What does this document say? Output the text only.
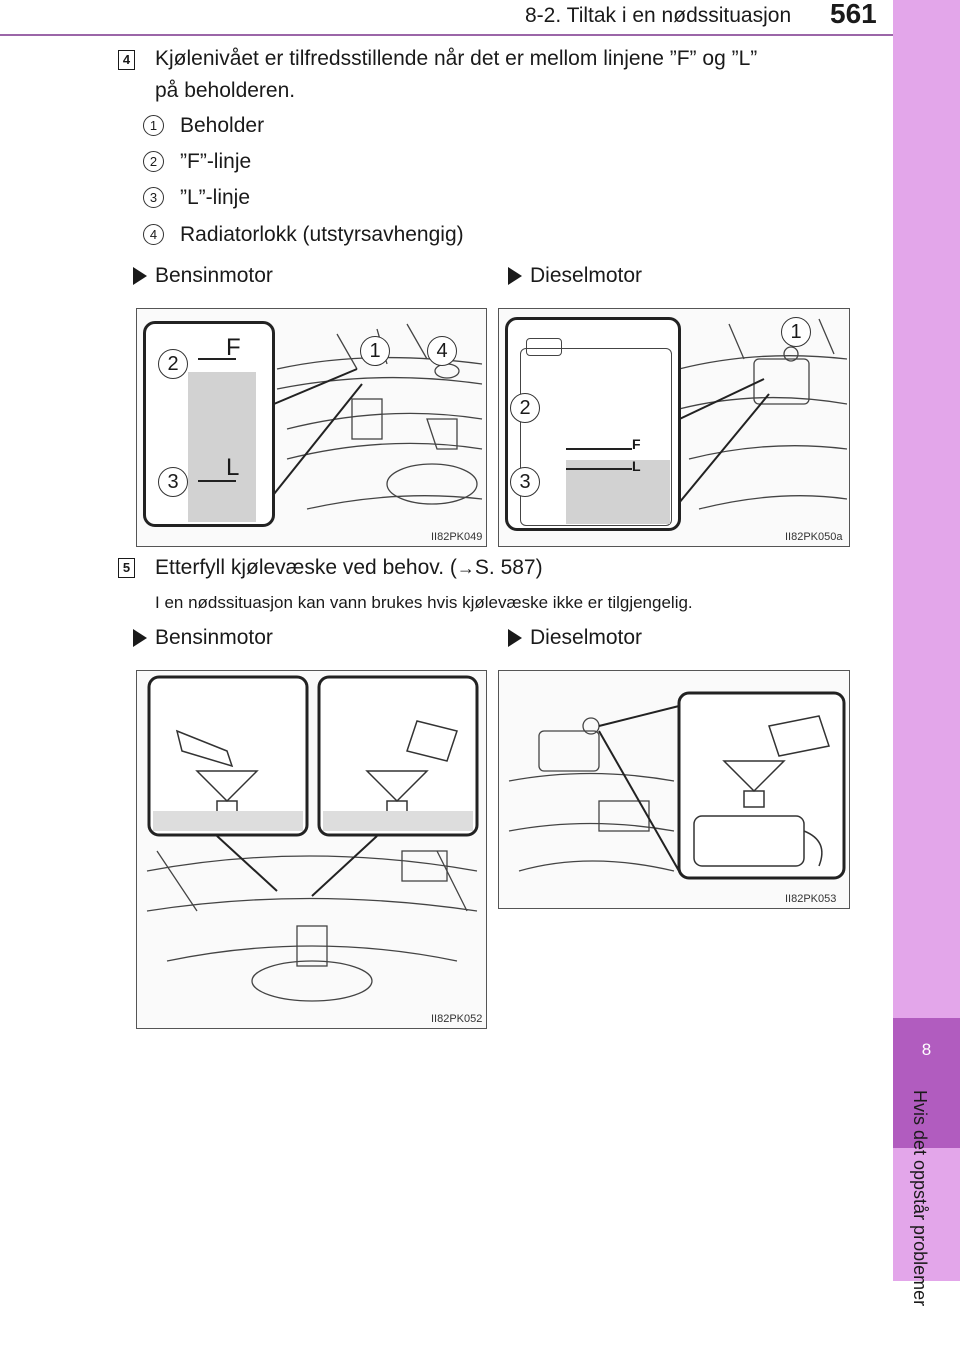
8-2. Tiltak i en nødssituasjon 561
8
Hvis det oppstår problemer
4 Kjølenivået er tilfredsstillende når det er mellom linjene ”F” og ”L”
på beholderen.
1	Beholder
2	”F”-linje
3	”L”-linje
4	Radiatorlokk (utstyrsavhengig)
Bensinmotor	Dieselmotor
F
L
2
1	4
3
II82PK049
F
L
1
2
3
II82PK050a
5 Etterfyll kjølevæske ved behov. (→S. 587)
I en nødssituasjon kan vann brukes hvis kjølevæske ikke er tilgjengelig.
Bensinmotor	Dieselmotor
II82PK052
II82PK053
